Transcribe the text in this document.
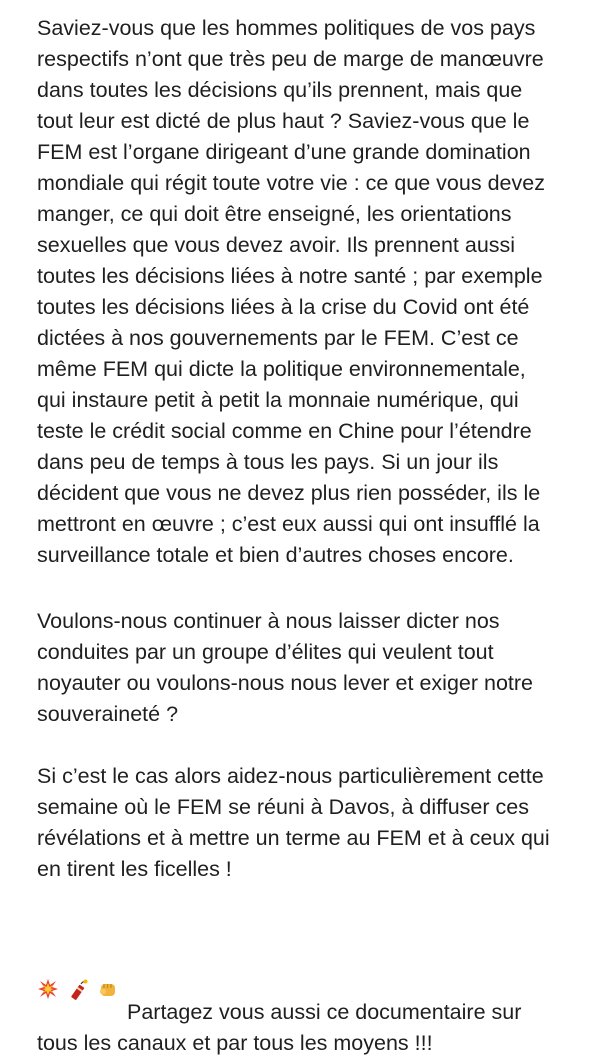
Saviez-vous que les hommes politiques de vos pays
respectifs n’ont que très peu de marge de manœuvre
dans toutes les décisions qu’ils prennent, mais que
tout leur est dicté de plus haut ? Saviez-vous que le
FEM est l’organe dirigeant d’une grande domination
mondiale qui régit toute votre vie : ce que vous devez
manger, ce qui doit être enseigné, les orientations
sexuelles que vous devez avoir. Ils prennent aussi
toutes les décisions liées à notre santé ; par exemple
toutes les décisions liées à la crise du Covid ont été
dictées à nos gouvernements par le FEM. C’est ce
même FEM qui dicte la politique environnementale,
qui instaure petit à petit la monnaie numérique, qui
teste le crédit social comme en Chine pour l’étendre
dans peu de temps à tous les pays. Si un jour ils
décident que vous ne devez plus rien posséder, ils le
mettront en œuvre ; c’est eux aussi qui ont insufflé la
surveillance totale et bien d’autres choses encore.

Voulons-nous continuer à nous laisser dicter nos
conduites par un groupe d’élites qui veulent tout
noyauter ou voulons-nous nous lever et exiger notre
souveraineté ?

Si c’est le cas alors aidez-nous particulièrement cette
semaine où le FEM se réuni à Davos, à diffuser ces
révélations et à mettre un terme au FEM et à ceux qui
en tirent les ficelles !

Partagez vous aussi ce documentaire sur
tous les canaux et par tous les moyens !!!
